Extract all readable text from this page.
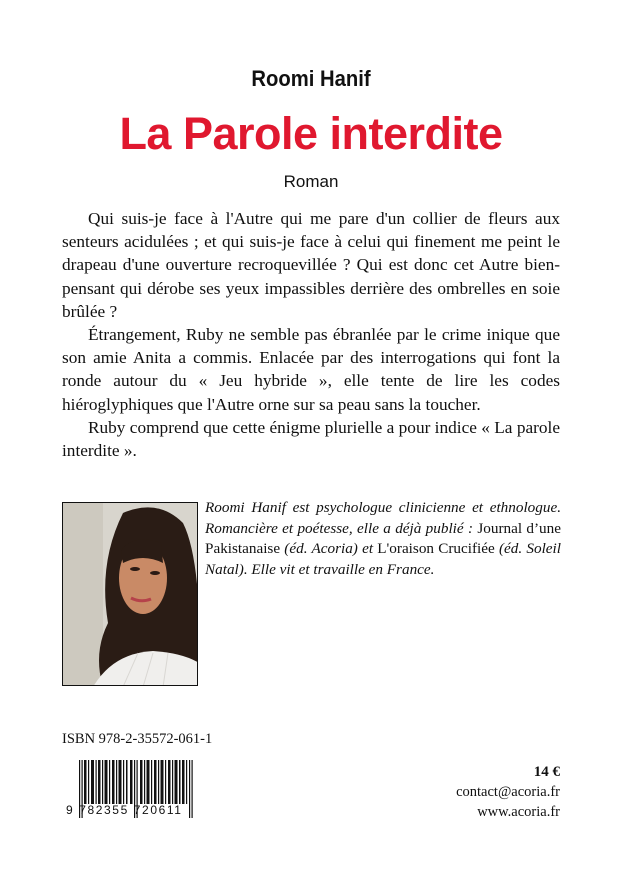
Roomi Hanif
La Parole interdite
Roman

Qui suis-je face à l'Autre qui me pare d'un collier de fleurs aux senteurs acidulées ; et qui suis-je face à celui qui finement me peint le drapeau d'une ouverture recroquevillée ? Qui est donc cet Autre bien-pensant qui dérobe ses yeux impassibles derrière des ombrelles en soie brûlée ?

Étrangement, Ruby ne semble pas ébranlée par le crime inique que son amie Anita a commis. Enlacée par des interrogations qui font la ronde autour du « Jeu hybride », elle tente de lire les codes hiéroglyphiques que l'Autre orne sur sa peau sans la toucher.

Ruby comprend que cette énigme plurielle a pour indice « La parole interdite ».

Roomi Hanif est psychologue clinicienne et ethnologue. Romancière et poétesse, elle a déjà publié : Journal d’une Pakistanaise (éd. Acoria) et L'oraison Crucifiée (éd. Soleil Natal). Elle vit et travaille en France.
ISBN 978-2-35572-061-1
9 782355 720611
14 €
contact@acoria.fr
www.acoria.fr
